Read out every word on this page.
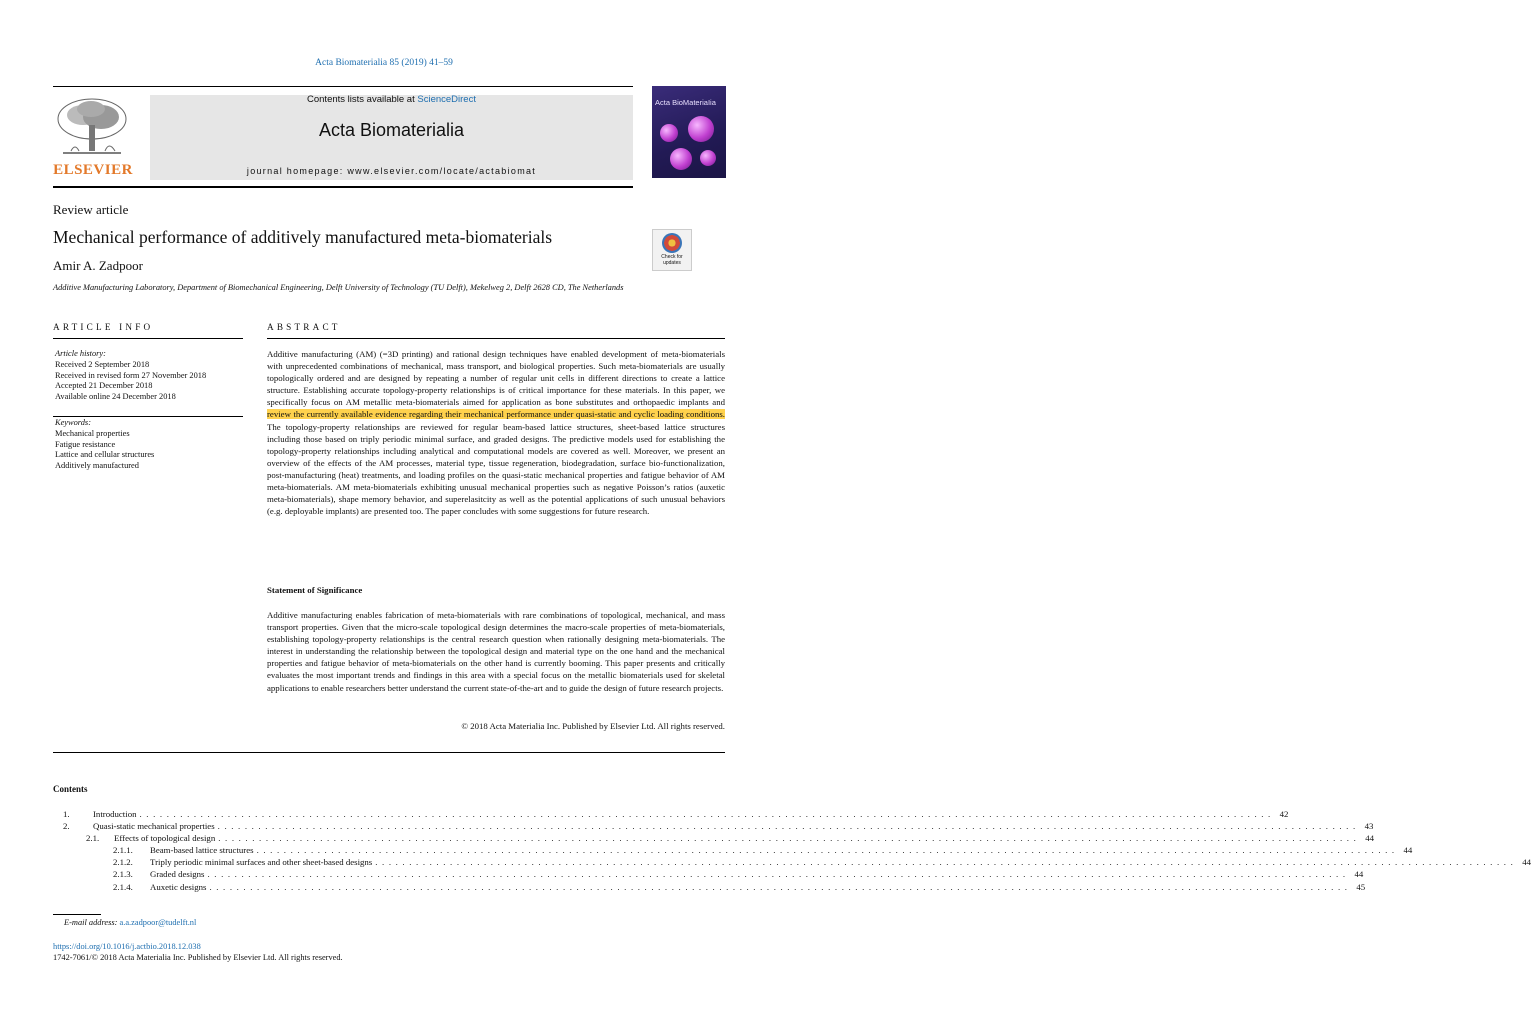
Acta Biomaterialia 85 (2019) 41–59
ELSEVIER
Contents lists available at ScienceDirect
Acta Biomaterialia
journal homepage: www.elsevier.com/locate/actabiomat
Acta BioMateriaIia
Review article
Mechanical performance of additively manufactured meta-biomaterials
Check for
updates
Amir A. Zadpoor
Additive Manufacturing Laboratory, Department of Biomechanical Engineering, Delft University of Technology (TU Delft), Mekelweg 2, Delft 2628 CD, The Netherlands
ARTICLE INFO	ABSTRACT
Article history:
Received 2 September 2018
Received in revised form 27 November 2018
Accepted 21 December 2018
Available online 24 December 2018
Keywords:
Mechanical properties
Fatigue resistance
Lattice and cellular structures
Additively manufactured
Additive manufacturing (AM) (=3D printing) and rational design techniques have enabled development of meta-biomaterials with unprecedented combinations of mechanical, mass transport, and biological properties. Such meta-biomaterials are usually topologically ordered and are designed by repeating a number of regular unit cells in different directions to create a lattice structure. Establishing accurate topology-property relationships is of critical importance for these materials. In this paper, we specifically focus on AM metallic meta-biomaterials aimed for application as bone substitutes and orthopaedic implants and review the currently available evidence regarding their mechanical performance under quasi-static and cyclic loading conditions. The topology-property relationships are reviewed for regular beam-based lattice structures, sheet-based lattice structures including those based on triply periodic minimal surface, and graded designs. The predictive models used for establishing the topology-property relationships including analytical and computational models are covered as well. Moreover, we present an overview of the effects of the AM processes, material type, tissue regeneration, biodegradation, surface bio-functionalization, post-manufacturing (heat) treatments, and loading profiles on the quasi-static mechanical properties and fatigue behavior of AM meta-biomaterials. AM meta-biomaterials exhibiting unusual mechanical properties such as negative Poisson’s ratios (auxetic meta-biomaterials), shape memory behavior, and superelasitcity as well as the potential applications of such unusual behaviors (e.g. deployable implants) are presented too. The paper concludes with some suggestions for future research.
Statement of Significance
Additive manufacturing enables fabrication of meta-biomaterials with rare combinations of topological, mechanical, and mass transport properties. Given that the micro-scale topological design determines the macro-scale properties of meta-biomaterials, establishing topology-property relationships is the central research question when rationally designing meta-biomaterials. The interest in understanding the relationship between the topological design and material type on the one hand and the mechanical properties and fatigue behavior of meta-biomaterials on the other hand is currently booming. This paper presents and critically evaluates the most important trends and findings in this area with a special focus on the metallic biomaterials used for skeletal applications to enable researchers better understand the current state-of-the-art and to guide the design of future research projects.
© 2018 Acta Materialia Inc. Published by Elsevier Ltd. All rights reserved.
Contents
1.	Introduction . . . . . . . . . . . . . . . . . . . . . . . . . . . . . . . . . . . . . . . . . . . . . . . . . . . . . . . . . . . . . . . . . . . . . . . . . . . . . . . . . . . . . . . . . . . . . . . . . . . . . . . . . . . . . . . . . . . . . . . . . . . . . . . . . . . . . . . . . . . . . . . . . . . . . . . . . . . . . . . . . . . . . . . 42
2.	Quasi-static mechanical properties . . . . . . . . . . . . . . . . . . . . . . . . . . . . . . . . . . . . . . . . . . . . . . . . . . . . . . . . . . . . . . . . . . . . . . . . . . . . . . . . . . . . . . . . . . . . . . . . . . . . . . . . . . . . . . . . . . . . . . . . . . . . . . . . . . . . . . . . . . . . . . . . . . . . . . . . . . . . . . . . . . . . . . . . 43
2.1.	Effects of topological design . . . . . . . . . . . . . . . . . . . . . . . . . . . . . . . . . . . . . . . . . . . . . . . . . . . . . . . . . . . . . . . . . . . . . . . . . . . . . . . . . . . . . . . . . . . . . . . . . . . . . . . . . . . . . . . . . . . . . . . . . . . . . . . . . . . . . . . . . . . . . . . . . . . . . . . . . . . . . . . . . . . . . . . . 44
2.1.1.	Beam-based lattice structures . . . . . . . . . . . . . . . . . . . . . . . . . . . . . . . . . . . . . . . . . . . . . . . . . . . . . . . . . . . . . . . . . . . . . . . . . . . . . . . . . . . . . . . . . . . . . . . . . . . . . . . . . . . . . . . . . . . . . . . . . . . . . . . . . . . . . . . . . . . . . . . . . . . . . . . . . . . . . . . . . . . . . . . . 44
2.1.2.	Triply periodic minimal surfaces and other sheet-based designs . . . . . . . . . . . . . . . . . . . . . . . . . . . . . . . . . . . . . . . . . . . . . . . . . . . . . . . . . . . . . . . . . . . . . . . . . . . . . . . . . . . . . . . . . . . . . . . . . . . . . . . . . . . . . . . . . . . . . . . . . . . . . . . . . . . . . . . . . . . . . . . . . . . . . . . . . . . . . . . . . . . . . . . . 44
2.1.3.	Graded designs . . . . . . . . . . . . . . . . . . . . . . . . . . . . . . . . . . . . . . . . . . . . . . . . . . . . . . . . . . . . . . . . . . . . . . . . . . . . . . . . . . . . . . . . . . . . . . . . . . . . . . . . . . . . . . . . . . . . . . . . . . . . . . . . . . . . . . . . . . . . . . . . . . . . . . . . . . . . . . . . . . . . . . . . 44
2.1.4.	Auxetic designs . . . . . . . . . . . . . . . . . . . . . . . . . . . . . . . . . . . . . . . . . . . . . . . . . . . . . . . . . . . . . . . . . . . . . . . . . . . . . . . . . . . . . . . . . . . . . . . . . . . . . . . . . . . . . . . . . . . . . . . . . . . . . . . . . . . . . . . . . . . . . . . . . . . . . . . . . . . . . . . . . . . . . . . . 45
E-mail address: a.a.zadpoor@tudelft.nl
https://doi.org/10.1016/j.actbio.2018.12.038
1742-7061/© 2018 Acta Materialia Inc. Published by Elsevier Ltd. All rights reserved.
